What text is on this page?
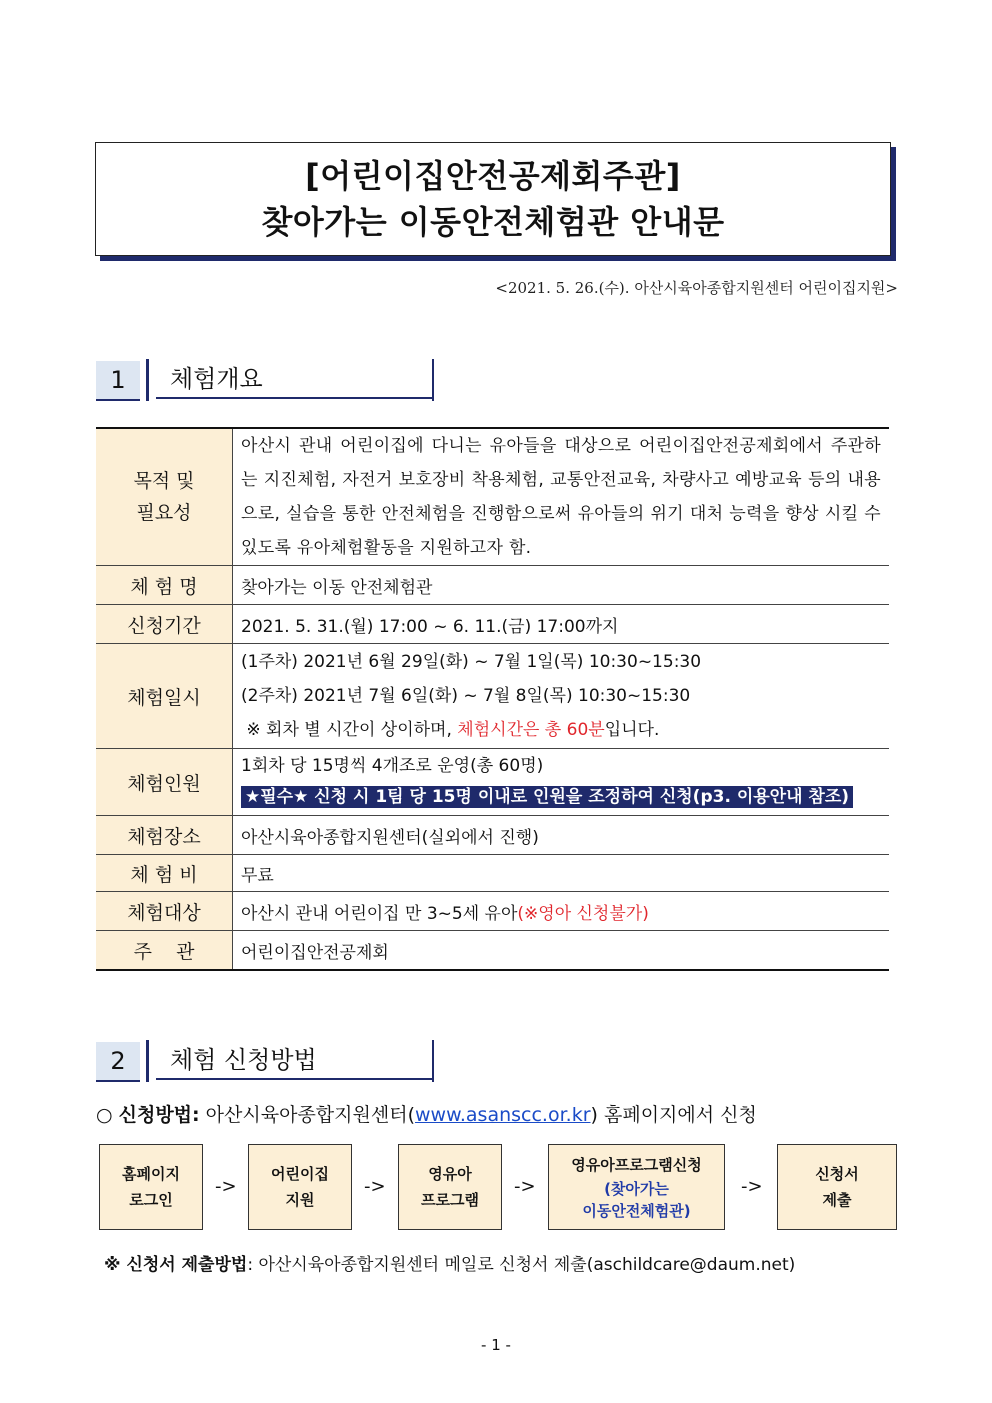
[어린이집안전공제회주관]
찾아가는 이동안전체험관 안내문
<2021. 5. 26.(수). 아산시육아종합지원센터 어린이집지원>
1	체험개요
목적 및
필요성	아산시 관내 어린이집에 다니는 유아들을 대상으로 어린이집안전공제회에서 주관하는 지진체험, 자전거 보호장비 착용체험, 교통안전교육, 차량사고 예방교육 등의 내용으로, 실습을 통한 안전체험을 진행함으로써 유아들의 위기 대처 능력을 향상 시킬 수 있도록 유아체험활동을 지원하고자 함.
체 험 명	찾아가는 이동 안전체험관
신청기간	2021. 5. 31.(월) 17:00 ~ 6. 11.(금) 17:00까지
체험일시	(1주차) 2021년 6월 29일(화) ~ 7월 1일(목) 10:30~15:30
(2주차) 2021년 7월 6일(화) ~ 7월 8일(목) 10:30~15:30
※ 회차 별 시간이 상이하며, 체험시간은 총 60분입니다.

체험인원	1회차 당 15명씩 4개조로 운영(총 60명)
★필수★ 신청 시 1팀 당 15명 이내로 인원을 조정하여 신청(p3. 이용안내 참조)

체험장소	아산시육아종합지원센터(실외에서 진행)
체 험 비	무료
체험대상	아산시 관내 어린이집 만 3~5세 유아(※영아 신청불가)
주    관	어린이집안전공제회
2	체험 신청방법
○ 신청방법: 아산시육아종합지원센터(www.asanscc.or.kr) 홈페이지에서 신청
홈페이지
로그인
->
어린이집
지원
->
영유아
프로그램
->
영유아프로그램신청
(찾아가는
이동안전체험관)
->
신청서
제출
※ 신청서 제출방법: 아산시육아종합지원센터 메일로 신청서 제출(aschildcare@daum.net)
- 1 -
